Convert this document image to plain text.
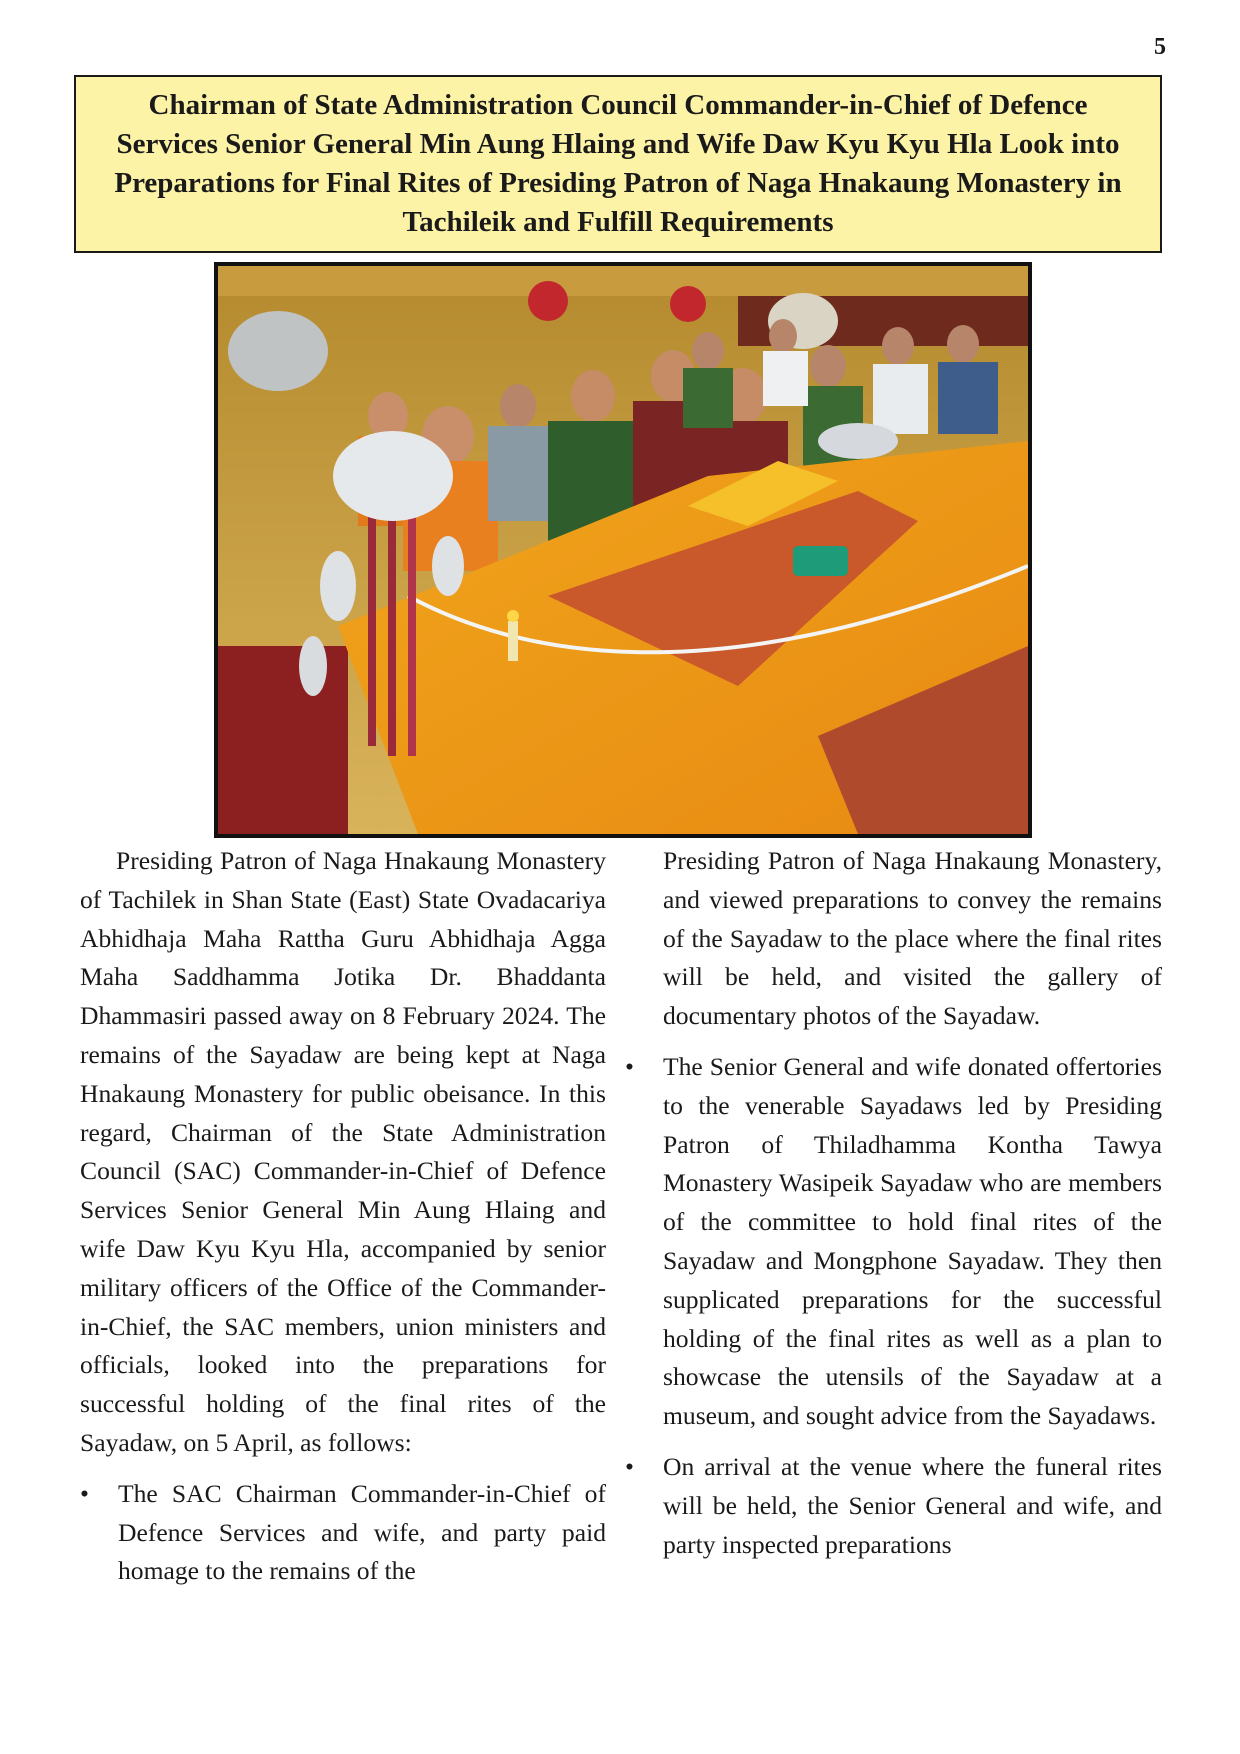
5
Chairman of State Administration Council Commander-in-Chief of Defence Services Senior General Min Aung Hlaing and Wife Daw Kyu Kyu Hla Look into Preparations for Final Rites of Presiding Patron of Naga Hnakaung Monastery in Tachileik and Fulfill Requirements

Presiding Patron of Naga Hnakaung Monastery of Tachilek in Shan State (East) State Ovadacariya Abhidhaja Maha Rattha Guru Abhidhaja Agga Maha Saddhamma Jotika Dr. Bhaddanta Dhammasiri passed away on 8 February 2024. The remains of the Sayadaw are being kept at Naga Hnakaung Monastery for public obeisance. In this regard, Chairman of the State Administration Council (SAC) Commander-in-Chief of Defence Services Senior General Min Aung Hlaing and wife Daw Kyu Kyu Hla, accompanied by senior military officers of the Office of the Commander-in-Chief, the SAC members, union ministers and officials, looked into the preparations for successful holding of the final rites of the Sayadaw, on 5 April, as follows:

• The SAC Chairman Commander-in-Chief of Defence Services and wife, and party paid homage to the remains of the

Presiding Patron of Naga Hnakaung Monastery, and viewed preparations to convey the remains of the Sayadaw to the place where the final rites will be held, and visited the gallery of documentary photos of the Sayadaw.

• The Senior General and wife donated offertories to the venerable Sayadaws led by Presiding Patron of Thiladhamma Kontha Tawya Monastery Wasipeik Sayadaw who are members of the committee to hold final rites of the Sayadaw and Mongphone Sayadaw. They then supplicated preparations for the successful holding of the final rites as well as a plan to showcase the utensils of the Sayadaw at a museum, and sought advice from the Sayadaws.
• On arrival at the venue where the funeral rites will be held, the Senior General and wife, and party inspected preparations
